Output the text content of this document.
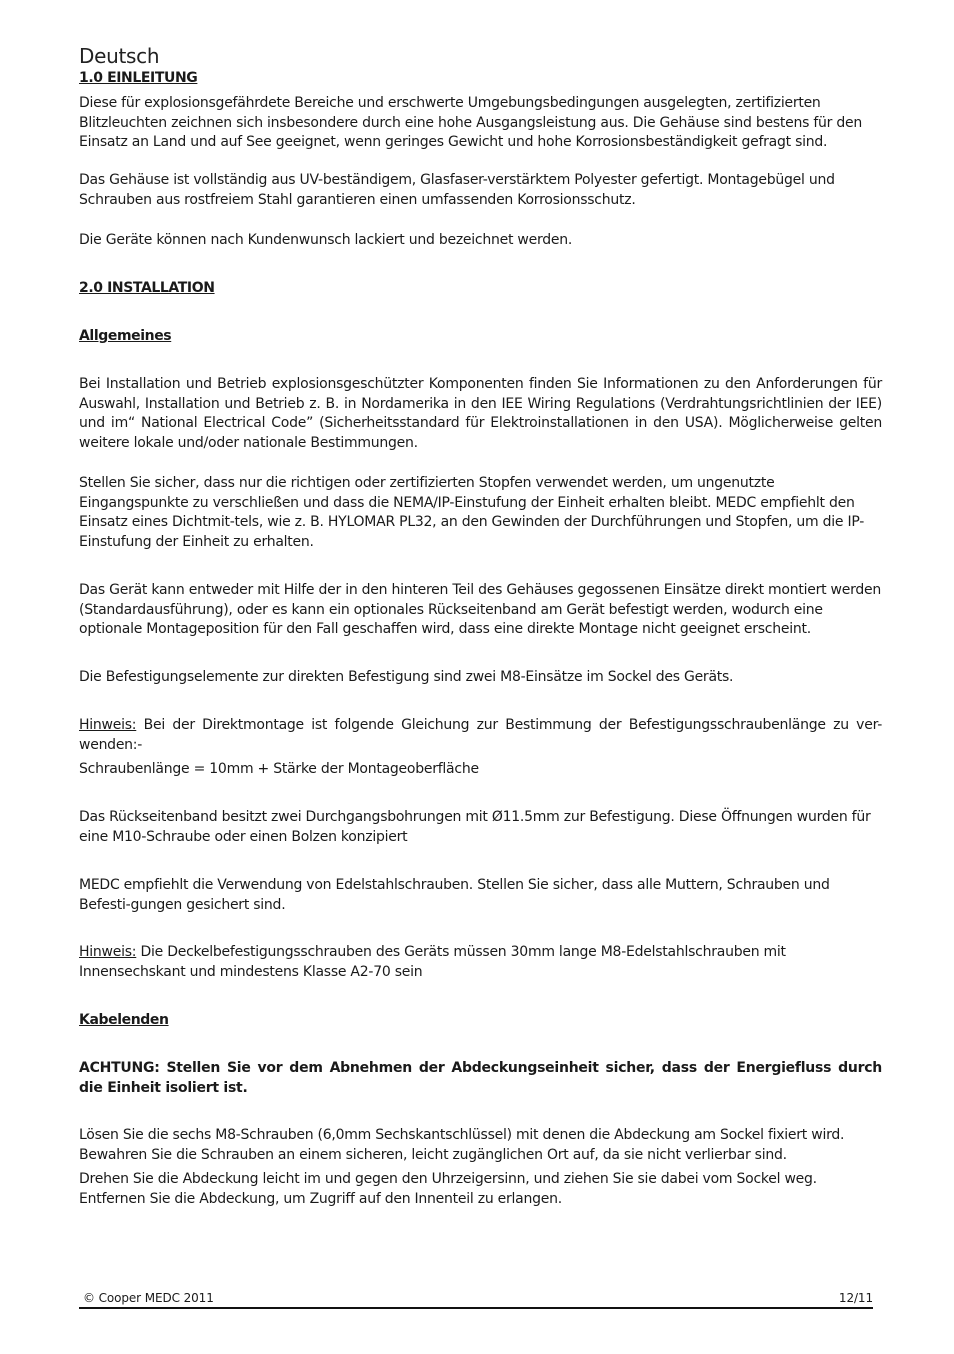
Deutsch
1.0 EINLEITUNG
Diese für explosionsgefährdete Bereiche und erschwerte Umgebungsbedingungen ausgelegten, zertifizierten Blitzleuchten zeichnen sich insbesondere durch eine hohe Ausgangsleistung aus. Die Gehäuse sind bestens für den Einsatz an Land und auf See geeignet, wenn geringes Gewicht und hohe Korrosionsbeständigkeit gefragt sind.
Das Gehäuse ist vollständig aus UV-beständigem, Glasfaser-verstärktem Polyester gefertigt. Montagebügel und Schrauben aus rostfreiem Stahl garantieren einen umfassenden Korrosionsschutz.
Die Geräte können nach Kundenwunsch lackiert und bezeichnet werden.
2.0 INSTALLATION
Allgemeines
Bei Installation und Betrieb explosionsgeschützter Komponenten finden Sie Informationen zu den Anforderungen für Auswahl, Installation und Betrieb z. B. in Nordamerika in den IEE Wiring Regulations (Verdrahtungsrichtlinien der IEE) und im“ National Electrical Code” (Sicherheitsstandard für Elektroinstallationen in den USA). Möglicherweise gelten weitere lokale und/oder nationale Bestimmungen.
Stellen Sie sicher, dass nur die richtigen oder zertifizierten Stopfen verwendet werden, um ungenutzte Eingangspunkte zu verschließen und dass die NEMA/IP-Einstufung der Einheit erhalten bleibt. MEDC empfiehlt den Einsatz eines Dichtmit-tels, wie z. B. HYLOMAR PL32, an den Gewinden der Durchführungen und Stopfen, um die IP-Einstufung der Einheit zu erhalten.
Das Gerät kann entweder mit Hilfe der in den hinteren Teil des Gehäuses gegossenen Einsätze direkt montiert werden (Standardausführung), oder es kann ein optionales Rückseitenband am Gerät befestigt werden, wodurch eine optionale Montageposition für den Fall geschaffen wird, dass eine direkte Montage nicht geeignet erscheint.
Die Befestigungselemente zur direkten Befestigung sind zwei M8-Einsätze im Sockel des Geräts.
Hinweis: Bei der Direktmontage ist folgende Gleichung zur Bestimmung der Befestigungsschraubenlänge zu ver-wenden:-
Schraubenlänge = 10mm + Stärke der Montageoberfläche
Das Rückseitenband besitzt zwei Durchgangsbohrungen mit Ø11.5mm zur Befestigung. Diese Öffnungen wurden für eine M10-Schraube oder einen Bolzen konzipiert
MEDC empfiehlt die Verwendung von Edelstahlschrauben. Stellen Sie sicher, dass alle Muttern, Schrauben und Befesti-gungen gesichert sind.
Hinweis: Die Deckelbefestigungsschrauben des Geräts müssen 30mm lange M8-Edelstahlschrauben mit Innensechskant und mindestens Klasse A2-70 sein
Kabelenden
ACHTUNG: Stellen Sie vor dem Abnehmen der Abdeckungseinheit sicher, dass der Energiefluss durch die Einheit isoliert ist.
Lösen Sie die sechs M8-Schrauben (6,0mm Sechskantschlüssel) mit denen die Abdeckung am Sockel fixiert wird. Bewahren Sie die Schrauben an einem sicheren, leicht zugänglichen Ort auf, da sie nicht verlierbar sind.
Drehen Sie die Abdeckung leicht im und gegen den Uhrzeigersinn, und ziehen Sie sie dabei vom Sockel weg. Entfernen Sie die Abdeckung, um Zugriff auf den Innenteil zu erlangen.
© Cooper MEDC 2011	12/11
